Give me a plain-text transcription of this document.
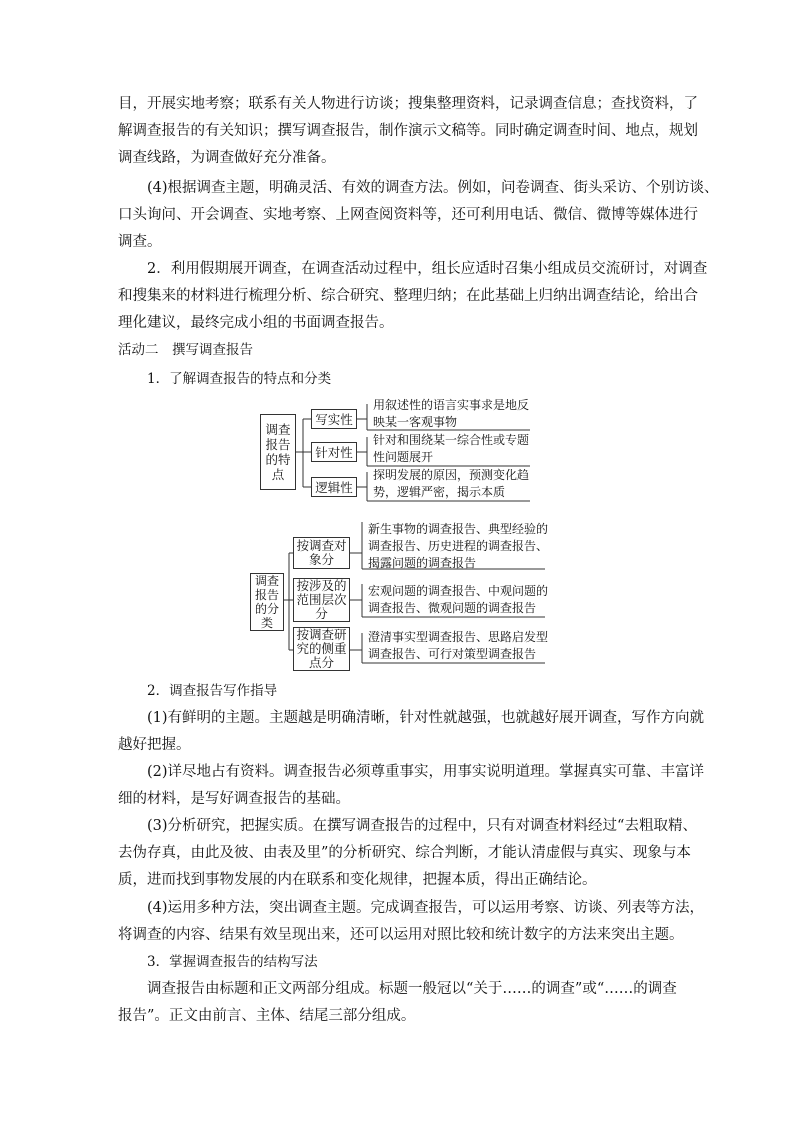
目，开展实地考察；联系有关人物进行访谈；搜集整理资料，记录调查信息；查找资料，了
解调查报告的有关知识；撰写调查报告，制作演示文稿等。同时确定调查时间、地点，规划
调查线路，为调查做好充分准备。
(4)根据调查主题，明确灵活、有效的调查方法。例如，问卷调查、街头采访、个别访谈、
口头询问、开会调查、实地考察、上网查阅资料等，还可利用电话、微信、微博等媒体进行
调查。
2．利用假期展开调查，在调查活动过程中，组长应适时召集小组成员交流研讨，对调查
和搜集来的材料进行梳理分析、综合研究、整理归纳；在此基础上归纳出调查结论，给出合
理化建议，最终完成小组的书面调查报告。
活动二　撰写调查报告
1．了解调查报告的特点和分类
调查报告的特点
写实性
针对性
逻辑性
用叙述性的语言实事求是地反
映某一客观事物
针对和围绕某一综合性或专题
性问题展开
探明发展的原因，预测变化趋
势，逻辑严密，揭示本质
调查报告的分类
按调查对象分
按涉及的范围层次分
按调查研究的侧重点分
新生事物的调查报告、典型经验的
调查报告、历史进程的调查报告、
揭露问题的调查报告
宏观问题的调查报告、中观问题的
调查报告、微观问题的调查报告
澄清事实型调查报告、思路启发型
调查报告、可行对策型调查报告
2．调查报告写作指导
(1)有鲜明的主题。主题越是明确清晰，针对性就越强，也就越好展开调查，写作方向就
越好把握。
(2)详尽地占有资料。调查报告必须尊重事实，用事实说明道理。掌握真实可靠、丰富详
细的材料，是写好调查报告的基础。
(3)分析研究，把握实质。在撰写调查报告的过程中，只有对调查材料经过“去粗取精、
去伪存真，由此及彼、由表及里”的分析研究、综合判断，才能认清虚假与真实、现象与本
质，进而找到事物发展的内在联系和变化规律，把握本质，得出正确结论。
(4)运用多种方法，突出调查主题。完成调查报告，可以运用考察、访谈、列表等方法，
将调查的内容、结果有效呈现出来，还可以运用对照比较和统计数字的方法来突出主题。
3．掌握调查报告的结构写法
调查报告由标题和正文两部分组成。标题一般冠以“关于……的调查”或“……的调查
报告”。正文由前言、主体、结尾三部分组成。
